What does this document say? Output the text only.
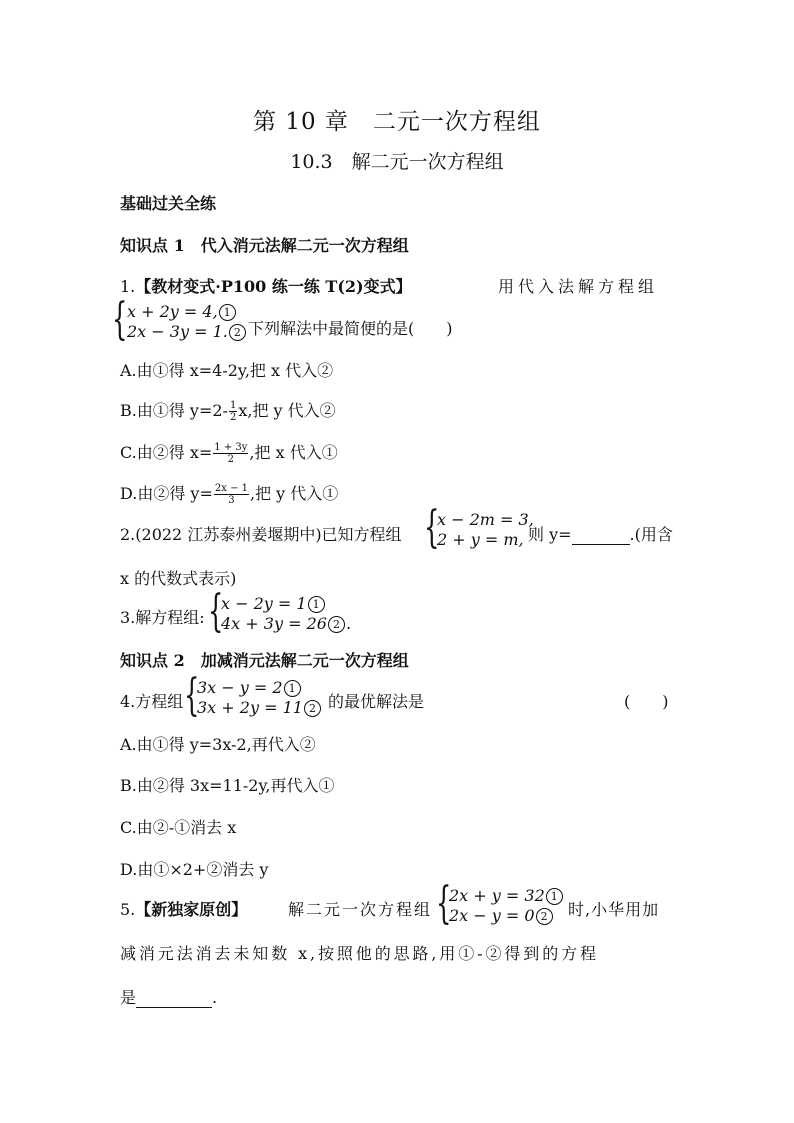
第 10 章　二元一次方程组
10.3　解二元一次方程组
基础过关全练
知识点 1　代入消元法解二元一次方程组
1.【教材变式·P100 练一练 T(2)变式】	用代入法解方程组
{ x + 2y = 4, 1
2x − 3y = 1. 2 下列解法中最简便的是(　　)
A.由①得 x=4-2y,把 x 代入②
B.由①得 $y=2- \frac{1}{2} x$,把 y 代入②
C.由②得 $x= \frac{1 + 3y}{2}$ ,把 x 代入①
D.由②得 $y= \frac{2x - 1}{3}$ ,把 y 代入①
2.(2022 江苏泰州姜堰期中)已知方程组 {
x − 2m = 3,
2 + y = m, 则 y=	.(用含
x 的代数式表示)
3.解方程组: {
x − 2y = 1 1
4x + 3y = 26 2 .
知识点 2　加减消元法解二元一次方程组
4.方程组 {
3x − y = 2 1
3x + 2y = 11 2 的最优解法是	(　　)
A.由①得 y=3x-2,再代入②
B.由②得 3x=11-2y,再代入①
C.由②-①消去 x
D.由①×2+②消去 y
5.【新独家原创】	解二元一次方程组 {
2x + y = 32 1
2x − y = 0 2	时,小华用加
减消元法消去未知数 x,按照他的思路,用①-②得到的方程
是	.
